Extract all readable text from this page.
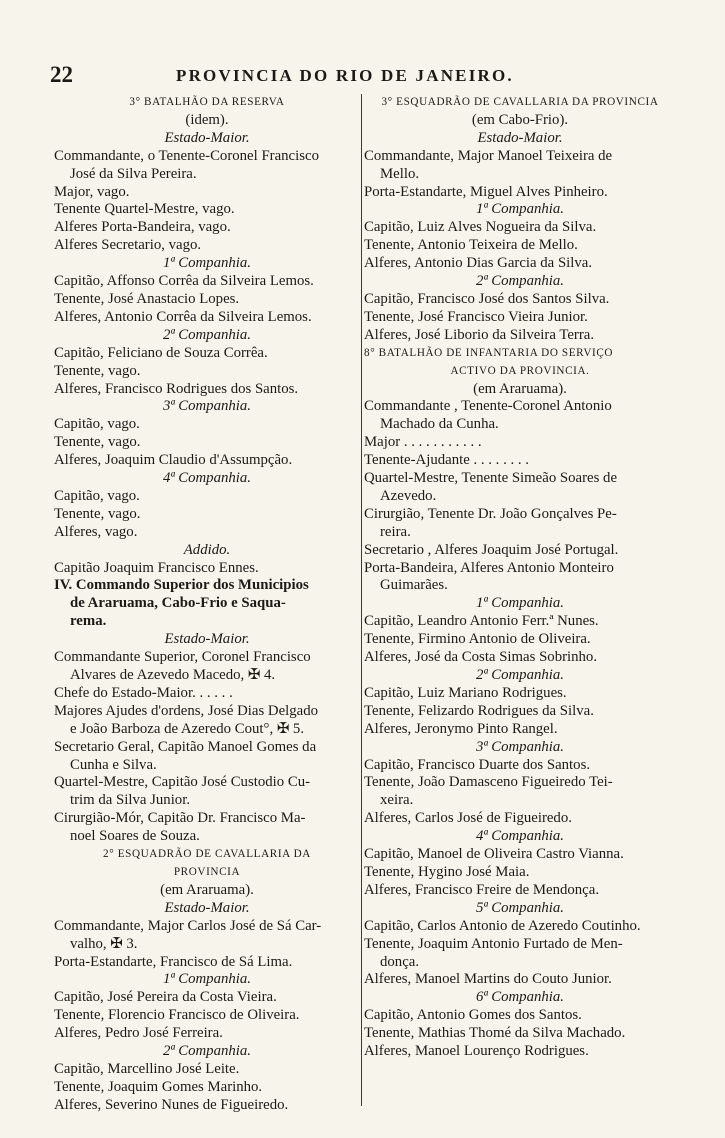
22	PROVINCIA DO RIO DE JANEIRO.
3° BATALHÃO DA RESERVA
(idem).
Estado-Maior.
Commandante, o Tenente-Coronel Francisco
José da Silva Pereira.
Major, vago.
Tenente Quartel-Mestre, vago.
Alferes Porta-Bandeira, vago.
Alferes Secretario, vago.
1ª Companhia.
Capitão, Affonso Corrêa da Silveira Lemos.
Tenente, José Anastacio Lopes.
Alferes, Antonio Corrêa da Silveira Lemos.
2ª Companhia.
Capitão, Feliciano de Souza Corrêa.
Tenente, vago.
Alferes, Francisco Rodrigues dos Santos.
3ª Companhia.
Capitão, vago.
Tenente, vago.
Alferes, Joaquim Claudio d'Assumpção.
4ª Companhia.
Capitão, vago.
Tenente, vago.
Alferes, vago.
Addido.
Capitão Joaquim Francisco Ennes.
IV. Commando Superior dos Municipios
de Araruama, Cabo-Frio e Saqua-
rema.
Estado-Maior.
Commandante Superior, Coronel Francisco
Alvares de Azevedo Macedo, ✠ 4.
Chefe do Estado-Maior. . . . . .
Majores Ajudes d'ordens, José Dias Delgado
e João Barboza de Azeredo Cout°, ✠ 5.
Secretario Geral, Capitão Manoel Gomes da
Cunha e Silva.
Quartel-Mestre, Capitão José Custodio Cu-
trim da Silva Junior.
Cirurgião-Mór, Capitão Dr. Francisco Ma-
noel Soares de Souza.
2° ESQUADRÃO DE CAVALLARIA DA
PROVINCIA
(em Araruama).
Estado-Maior.
Commandante, Major Carlos José de Sá Car-
valho, ✠ 3.
Porta-Estandarte, Francisco de Sá Lima.
1ª Companhia.
Capitão, José Pereira da Costa Vieira.
Tenente, Florencio Francisco de Oliveira.
Alferes, Pedro José Ferreira.
2ª Companhia.
Capitão, Marcellino José Leite.
Tenente, Joaquim Gomes Marinho.
Alferes, Severino Nunes de Figueiredo.
3° ESQUADRÃO DE CAVALLARIA DA PROVINCIA
(em Cabo-Frio).
Estado-Maior.
Commandante, Major Manoel Teixeira de
Mello.
Porta-Estandarte, Miguel Alves Pinheiro.
1ª Companhia.
Capitão, Luiz Alves Nogueira da Silva.
Tenente, Antonio Teixeira de Mello.
Alferes, Antonio Dias Garcia da Silva.
2ª Companhia.
Capitão, Francisco José dos Santos Silva.
Tenente, José Francisco Vieira Junior.
Alferes, José Liborio da Silveira Terra.
8° BATALHÃO DE INFANTARIA DO SERVIÇO
ACTIVO DA PROVINCIA.
(em Araruama).
Commandante , Tenente-Coronel Antonio
Machado da Cunha.
Major . . . . . . . . . . .
Tenente-Ajudante . . . . . . . .
Quartel-Mestre, Tenente Simeão Soares de
Azevedo.
Cirurgião, Tenente Dr. João Gonçalves Pe-
reira.
Secretario , Alferes Joaquim José Portugal.
Porta-Bandeira, Alferes Antonio Monteiro
Guimarães.
1ª Companhia.
Capitão, Leandro Antonio Ferr.ª Nunes.
Tenente, Firmino Antonio de Oliveira.
Alferes, José da Costa Simas Sobrinho.
2ª Companhia.
Capitão, Luiz Mariano Rodrigues.
Tenente, Felizardo Rodrigues da Silva.
Alferes, Jeronymo Pinto Rangel.
3ª Companhia.
Capitão, Francisco Duarte dos Santos.
Tenente, João Damasceno Figueiredo Tei-
xeira.
Alferes, Carlos José de Figueiredo.
4ª Companhia.
Capitão, Manoel de Oliveira Castro Vianna.
Tenente, Hygino José Maia.
Alferes, Francisco Freire de Mendonça.
5ª Companhia.
Capitão, Carlos Antonio de Azeredo Coutinho.
Tenente, Joaquim Antonio Furtado de Men-
donça.
Alferes, Manoel Martins do Couto Junior.
6ª Companhia.
Capitão, Antonio Gomes dos Santos.
Tenente, Mathias Thomé da Silva Machado.
Alferes, Manoel Lourenço Rodrigues.
